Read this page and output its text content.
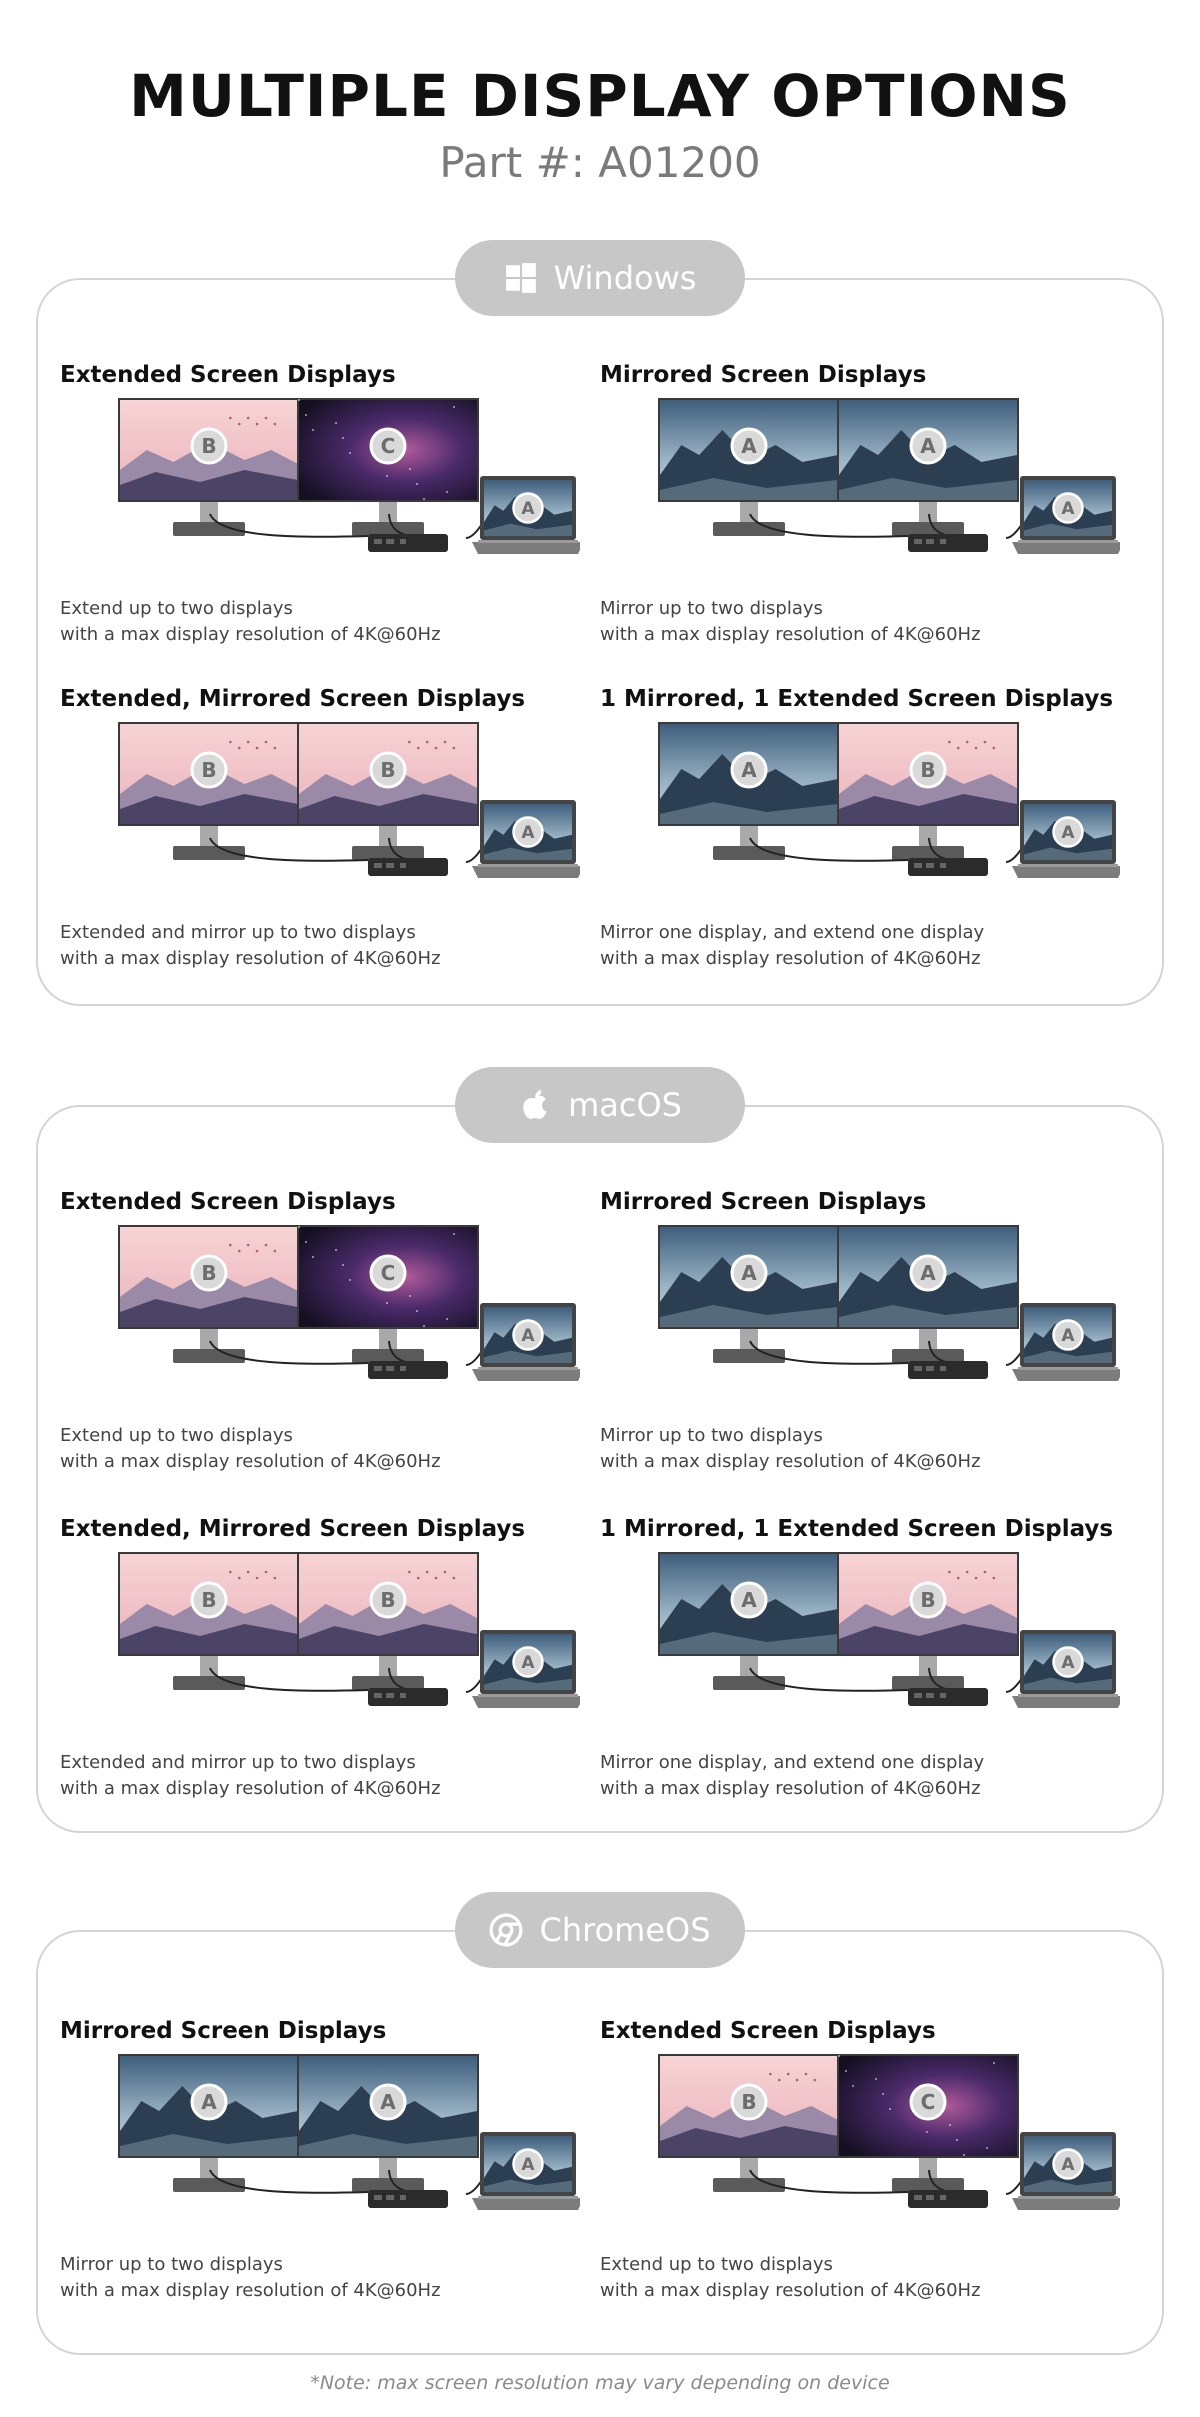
MULTIPLE DISPLAY OPTIONS
Part #: A01200
Windows
Extended Screen Displays
B	C
A
Extend up to two displays
with a max display resolution of 4K@60Hz
Mirrored Screen Displays
A	A
A
Mirror up to two displays
with a max display resolution of 4K@60Hz
Extended, Mirrored Screen Displays
B	B
A
Extended and mirror up to two displays
with a max display resolution of 4K@60Hz
1 Mirrored, 1 Extended Screen Displays
A	B
A
Mirror one display, and extend one display
with a max display resolution of 4K@60Hz
macOS
Extended Screen Displays
B	C
A
Extend up to two displays
with a max display resolution of 4K@60Hz
Mirrored Screen Displays
A	A
A
Mirror up to two displays
with a max display resolution of 4K@60Hz
Extended, Mirrored Screen Displays
B	B
A
Extended and mirror up to two displays
with a max display resolution of 4K@60Hz
1 Mirrored, 1 Extended Screen Displays
A	B
A
Mirror one display, and extend one display
with a max display resolution of 4K@60Hz
ChromeOS
Mirrored Screen Displays
A	A
A
Mirror up to two displays
with a max display resolution of 4K@60Hz
Extended Screen Displays
B	C
A
Extend up to two displays
with a max display resolution of 4K@60Hz
*Note: max screen resolution may vary depending on device
